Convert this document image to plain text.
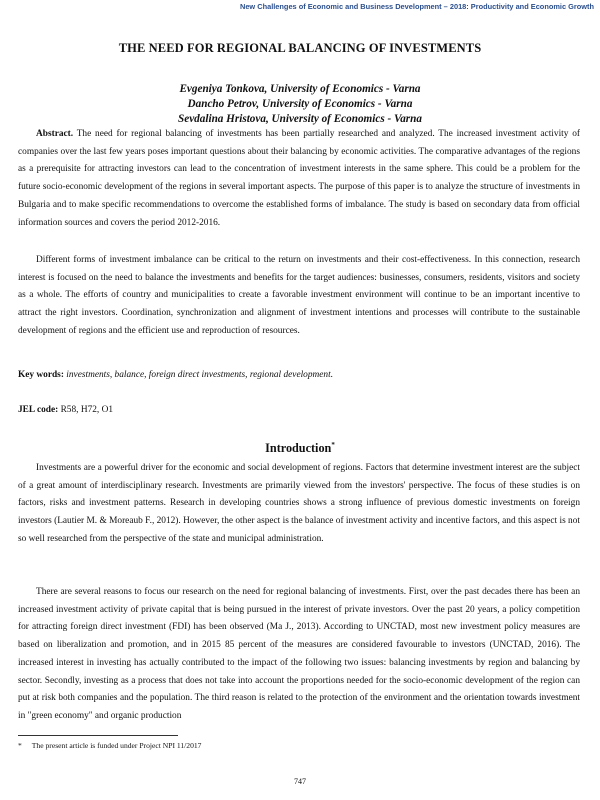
New Challenges of Economic and Business Development – 2018: Productivity and Economic Growth
THE NEED FOR REGIONAL BALANCING OF INVESTMENTS
Evgeniya Tonkova, University of Economics - Varna
Dancho Petrov, University of Economics - Varna
Sevdalina Hristova, University of Economics - Varna

Abstract. The need for regional balancing of investments has been partially researched and analyzed. The increased investment activity of companies over the last few years poses important questions about their balancing by economic activities. The comparative advantages of the regions as a prerequisite for attracting investors can lead to the concentration of investment interests in the same sphere. This could be a problem for the future socio-economic development of the regions in several important aspects. The purpose of this paper is to analyze the structure of investments in Bulgaria and to make specific recommendations to overcome the established forms of imbalance. The study is based on secondary data from official information sources and covers the period 2012-2016.

Different forms of investment imbalance can be critical to the return on investments and their cost-effectiveness. In this connection, research interest is focused on the need to balance the investments and benefits for the target audiences: businesses, consumers, residents, visitors and society as a whole. The efforts of country and municipalities to create a favorable investment environment will continue to be an important incentive to attract the right investors. Coordination, synchronization and alignment of investment intentions and processes will contribute to the sustainable development of regions and the efficient use and reproduction of resources.

Key words: investments, balance, foreign direct investments, regional development.

JEL code: R58, H72, O1

Introduction*

Investments are a powerful driver for the economic and social development of regions. Factors that determine investment interest are the subject of a great amount of interdisciplinary research. Investments are primarily viewed from the investors' perspective. The focus of these studies is on factors, risks and investment patterns. Research in developing countries shows a strong influence of previous domestic investments on foreign investors (Lautier M. & Moreaub F., 2012). However, the other aspect is the balance of investment activity and incentive factors, and this aspect is not so well researched from the perspective of the state and municipal administration.

There are several reasons to focus our research on the need for regional balancing of investments. First, over the past decades there has been an increased investment activity of private capital that is being pursued in the interest of private investors. Over the past 20 years, a policy competition for attracting foreign direct investment (FDI) has been observed (Ma J., 2013). According to UNCTAD, most new investment policy measures are based on liberalization and promotion, and in 2015 85 percent of the measures are considered favourable to investors (UNCTAD, 2016). The increased interest in investing has actually contributed to the impact of the following two issues: balancing investments by region and balancing by sector. Secondly, investing as a process that does not take into account the proportions needed for the socio-economic development of the region can put at risk both companies and the population. The third reason is related to the protection of the environment and the orientation towards investment in "green economy" and organic production

* The present article is funded under Project NPI 11/2017
747
